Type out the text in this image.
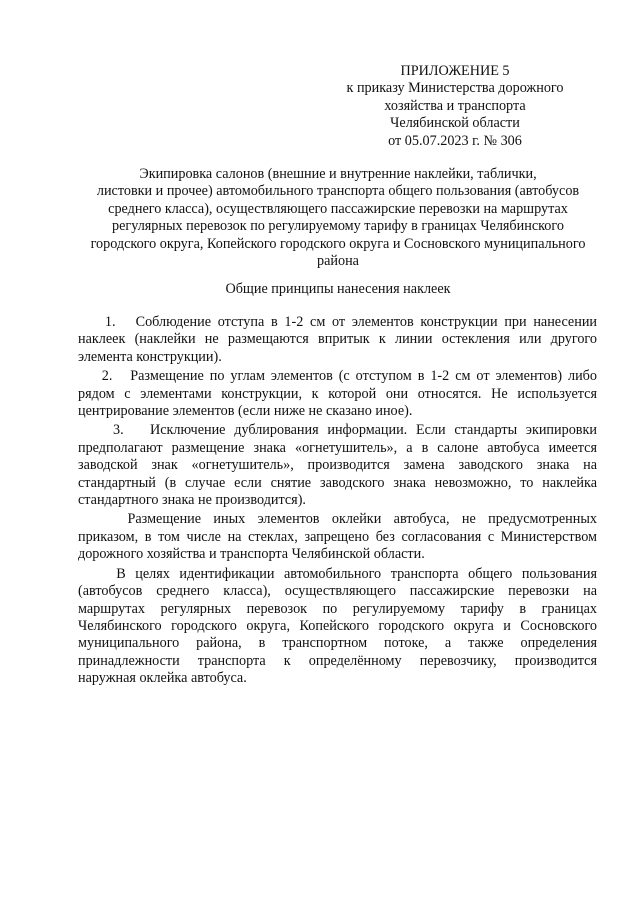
ПРИЛОЖЕНИЕ 5
к приказу Министерства дорожного
хозяйства и транспорта
Челябинской области
от 05.07.2023 г. № 306
Экипировка салонов (внешние и внутренние наклейки, таблички,
листовки и прочее) автомобильного транспорта общего пользования (автобусов
среднего класса), осуществляющего пассажирские перевозки на маршрутах
регулярных перевозок по регулируемому тарифу в границах Челябинского
городского округа, Копейского городского округа и Сосновского муниципального
района
Общие принципы нанесения наклеек
1.   Соблюдение отступа в 1-2 см от элементов конструкции при нанесении
наклеек (наклейки не размещаются впритык к линии остекления или другого
элемента конструкции).
2.   Размещение по углам элементов (с отступом в 1-2 см от элементов) либо
рядом с элементами конструкции, к которой они относятся. Не используется
центрирование элементов (если ниже не сказано иное).
3.   Исключение дублирования информации. Если стандарты экипировки
предполагают размещение знака «огнетушитель», а в салоне автобуса имеется
заводской знак «огнетушитель», производится замена заводского знака на
стандартный (в случае если снятие заводского знака невозможно, то наклейка
стандартного знака не производится).
Размещение иных элементов оклейки автобуса, не предусмотренных
приказом, в том числе на стеклах, запрещено без согласования с Министерством
дорожного хозяйства и транспорта Челябинской области.
В целях идентификации автомобильного транспорта общего пользования
(автобусов среднего класса), осуществляющего пассажирские перевозки на
маршрутах регулярных перевозок по регулируемому тарифу в границах
Челябинского городского округа, Копейского городского округа и Сосновского
муниципального района, в транспортном потоке, а также определения
принадлежности транспорта к определённому перевозчику, производится
наружная оклейка автобуса.
